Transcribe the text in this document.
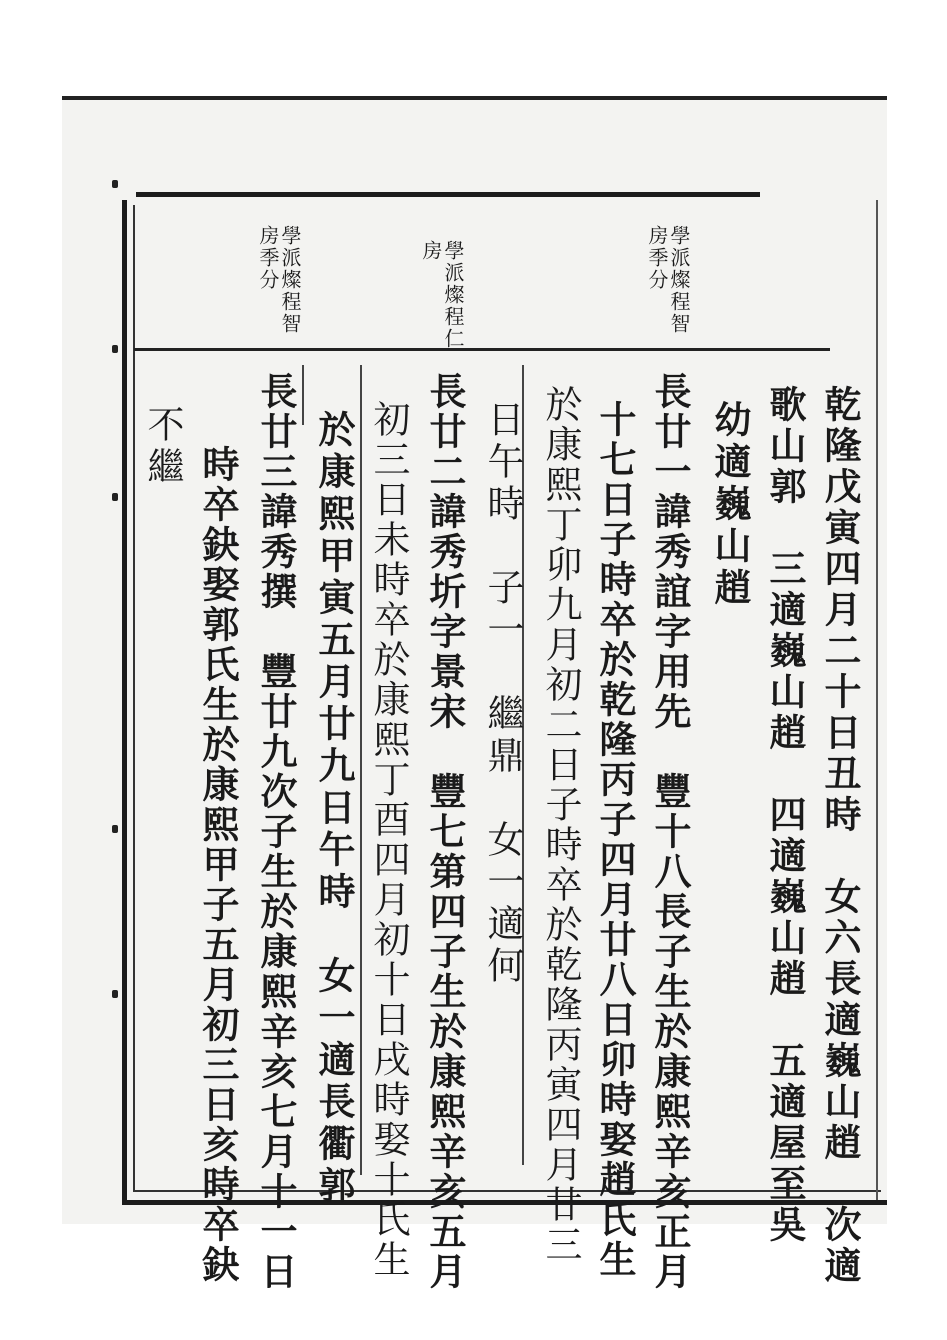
學派燦程智
房季分
學派燦程仁
房
學派燦程智
房季分
乾隆戊寅四月二十日丑時　女六長適巍山趙　次適
歌山郭　三適巍山趙　四適巍山趙　五適屋至吳
幼適巍山趙
長廿一諱秀誼字用先　豐十八長子生於康熙辛亥正月
十七日子時卒於乾隆丙子四月廿八日卯時娶趙氏生
於康熙丁卯九月初二日子時卒於乾隆丙寅四月廿三
日午時　子一　繼鼎　女一適何
長廿二諱秀圻字景宋　豐七第四子生於康熙辛亥五月
初三日未時卒於康熙丁酉四月初十日戌時娶十氏生
於康熙甲寅五月廿九日午時　女一適長衢郭
長廿三諱秀撰　豐廿九次子生於康熙辛亥七月十一日
時卒鈌娶郭氏生於康熙甲子五月初三日亥時卒鈌
不繼
